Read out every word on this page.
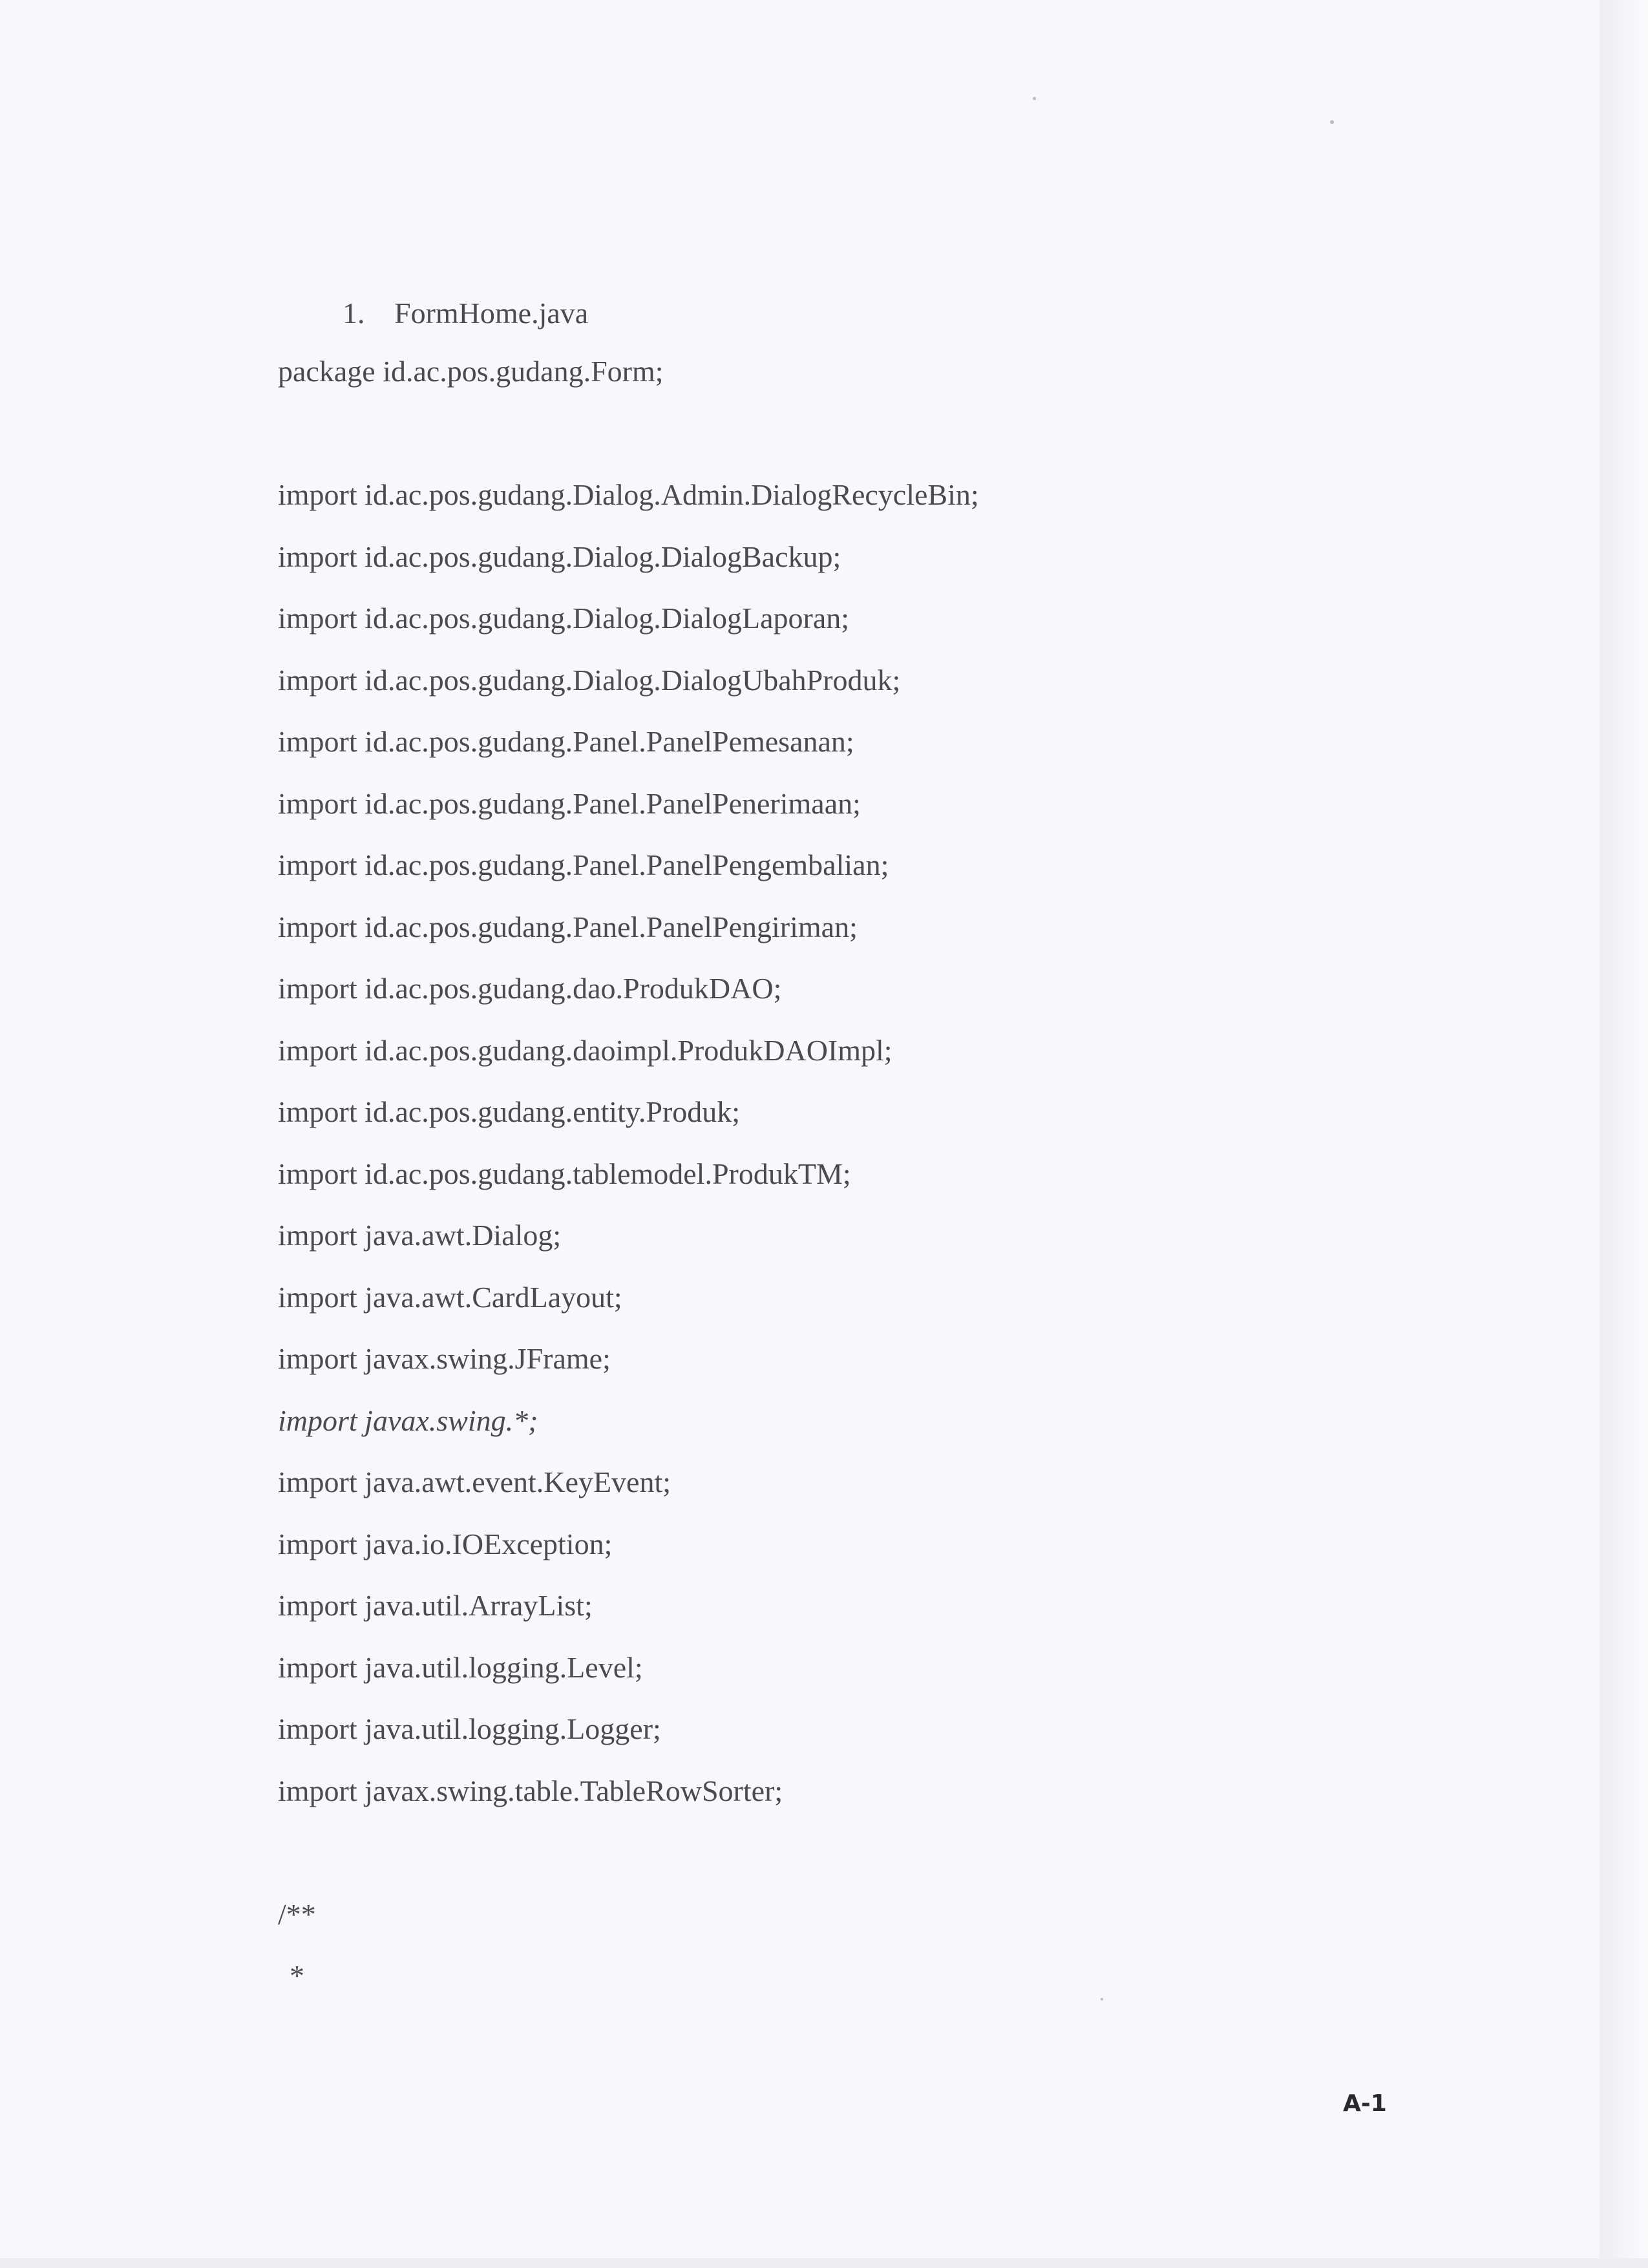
1. FormHome.java
package id.ac.pos.gudang.Form;
import id.ac.pos.gudang.Dialog.Admin.DialogRecycleBin;
import id.ac.pos.gudang.Dialog.DialogBackup;
import id.ac.pos.gudang.Dialog.DialogLaporan;
import id.ac.pos.gudang.Dialog.DialogUbahProduk;
import id.ac.pos.gudang.Panel.PanelPemesanan;
import id.ac.pos.gudang.Panel.PanelPenerimaan;
import id.ac.pos.gudang.Panel.PanelPengembalian;
import id.ac.pos.gudang.Panel.PanelPengiriman;
import id.ac.pos.gudang.dao.ProdukDAO;
import id.ac.pos.gudang.daoimpl.ProdukDAOImpl;
import id.ac.pos.gudang.entity.Produk;
import id.ac.pos.gudang.tablemodel.ProdukTM;
import java.awt.Dialog;
import java.awt.CardLayout;
import javax.swing.JFrame;
import javax.swing.*;
import java.awt.event.KeyEvent;
import java.io.IOException;
import java.util.ArrayList;
import java.util.logging.Level;
import java.util.logging.Logger;
import javax.swing.table.TableRowSorter;
/**
*
A-1
